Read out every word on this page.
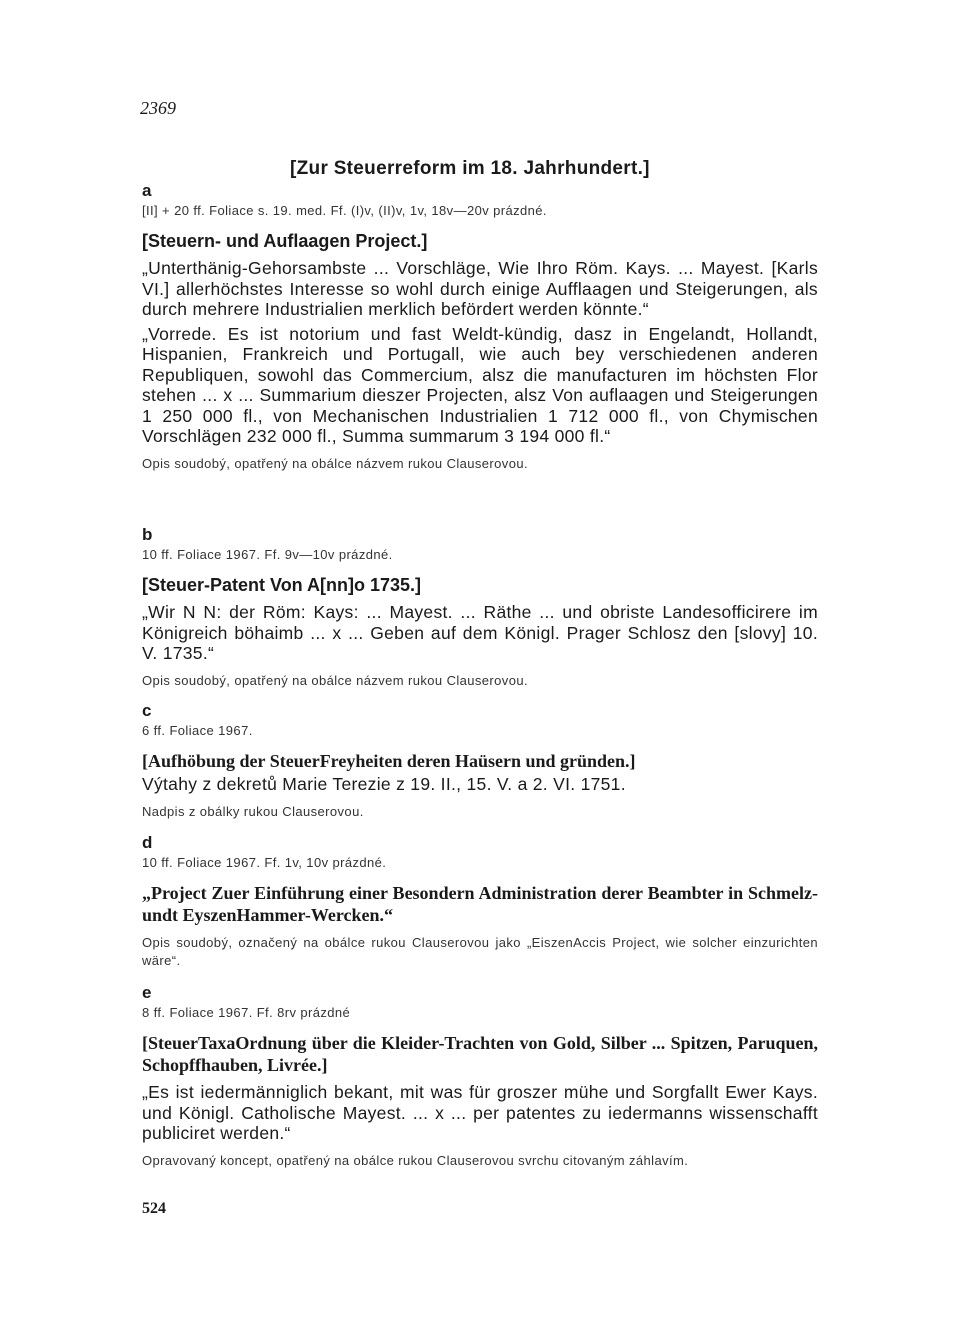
2369
[Zur Steuerreform im 18. Jahrhundert.]
a
[II] + 20 ff. Foliace s. 19. med. Ff. (I)v, (II)v, 1v, 18v—20v prázdné.
[Steuern- und Auflaagen Project.]
„Unterthänig-Gehorsambste ... Vorschläge, Wie Ihro Röm. Kays. ... Mayest. [Karls VI.] allerhöchstes Interesse so wohl durch einige Aufflaagen und Steigerungen, als durch mehrere Industrialien merklich befördert werden könnte.“
„Vorrede. Es ist notorium und fast Weldt-kündig, dasz in Engelandt, Hollandt, Hispanien, Frankreich und Portugall, wie auch bey verschiedenen anderen Republiquen, sowohl das Commercium, alsz die manufacturen im höchsten Flor stehen ... x ... Summarium dieszer Projecten, alsz Von auflaagen und Steigerungen 1 250 000 fl., von Mechanischen Industrialien 1 712 000 fl., von Chymischen Vorschlägen 232 000 fl., Summa summarum 3 194 000 fl.“
Opis soudobý, opatřený na obálce názvem rukou Clauserovou.
b
10 ff. Foliace 1967. Ff. 9v—10v prázdné.
[Steuer-Patent Von A[nn]o 1735.]
„Wir N N: der Röm: Kays: ... Mayest. ... Räthe ... und obriste Landesofficirere im Königreich böhaimb ... x ... Geben auf dem Königl. Prager Schlosz den [slovy] 10. V. 1735.“
Opis soudobý, opatřený na obálce názvem rukou Clauserovou.
c
6 ff. Foliace 1967.
[Aufhöbung der SteuerFreyheiten deren Haüsern und gründen.]
Výtahy z dekretů Marie Terezie z 19. II., 15. V. a 2. VI. 1751.
Nadpis z obálky rukou Clauserovou.
d
10 ff. Foliace 1967. Ff. 1v, 10v prázdné.
„Project Zuer Einführung einer Besondern Administration derer Beambter in Schmelz- undt EyszenHammer-Wercken.“
Opis soudobý, označený na obálce rukou Clauserovou jako „EiszenAccis Project, wie solcher einzurichten wäre“.
e
8 ff. Foliace 1967. Ff. 8rv prázdné
[SteuerTaxaOrdnung über die Kleider-Trachten von Gold, Silber ... Spitzen, Paruquen, Schopffhauben, Livrée.]
„Es ist iedermänniglich bekant, mit was für groszer mühe und Sorgfallt Ewer Kays. und Königl. Catholische Mayest. ... x ... per patentes zu iedermanns wissenschafft publiciret werden.“
Opravovaný koncept, opatřený na obálce rukou Clauserovou svrchu citovaným záhlavím.
524
